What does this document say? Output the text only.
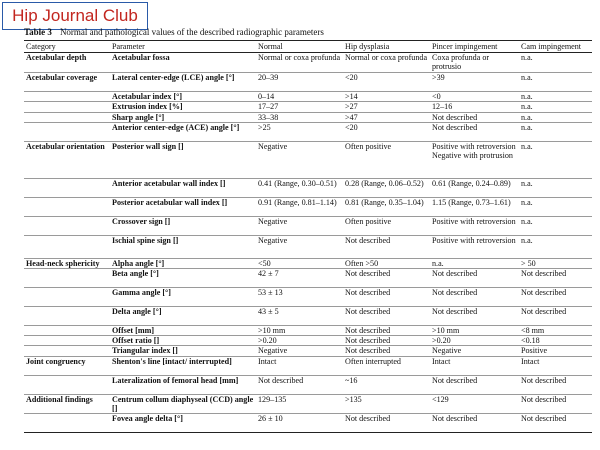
Hip Journal Club
Table 3 Normal and pathological values of the described radiographic parameters
Category	Parameter	Normal	Hip dysplasia	Pincer impingement	Cam impingement
Acetabular depth	Acetabular fossa	Normal or coxa profunda	Normal or coxa profunda	Coxa profunda or protrusio	n.a.
Acetabular coverage	Lateral center-edge (LCE) angle [°]	20–39	<20	>39	n.a.
	Acetabular index [°]	0–14	>14	<0	n.a.
	Extrusion index [%]	17–27	>27	12–16	n.a.
	Sharp angle [°]	33–38	>47	Not described	n.a.
	Anterior center-edge (ACE) angle [°]	>25	<20	Not described	n.a.
Acetabular orientation	Posterior wall sign []	Negative	Often positive	Positive with retroversion Negative with protrusion	n.a.
	Anterior acetabular wall index []	0.41 (Range, 0.30–0.51)	0.28 (Range, 0.06–0.52)	0.61 (Range, 0.24–0.89)	n.a.
	Posterior acetabular wall index []	0.91 (Range, 0.81–1.14)	0.81 (Range, 0.35–1.04)	1.15 (Range, 0.73–1.61)	n.a.
	Crossover sign []	Negative	Often positive	Positive with retroversion	n.a.
	Ischial spine sign []	Negative	Not described	Positive with retroversion	n.a.
Head-neck sphericity	Alpha angle [°]	<50	Often >50	n.a.	> 50
	Beta angle [°]	42 ± 7	Not described	Not described	Not described
	Gamma angle [°]	53 ± 13	Not described	Not described	Not described
	Delta angle [°]	43 ± 5	Not described	Not described	Not described
	Offset [mm]	>10 mm	Not described	>10 mm	<8 mm
	Offset ratio []	>0.20	Not described	>0.20	<0.18
	Triangular index []	Negative	Not described	Negative	Positive
Joint congruency	Shenton's line [intact/ interrupted]	Intact	Often interrupted	Intact	Intact
	Lateralization of femoral head [mm]	Not described	~16	Not described	Not described
Additional findings	Centrum collum diaphyseal (CCD) angle []	129–135	>135	<129	Not described
	Fovea angle delta [°]	26 ± 10	Not described	Not described	Not described
